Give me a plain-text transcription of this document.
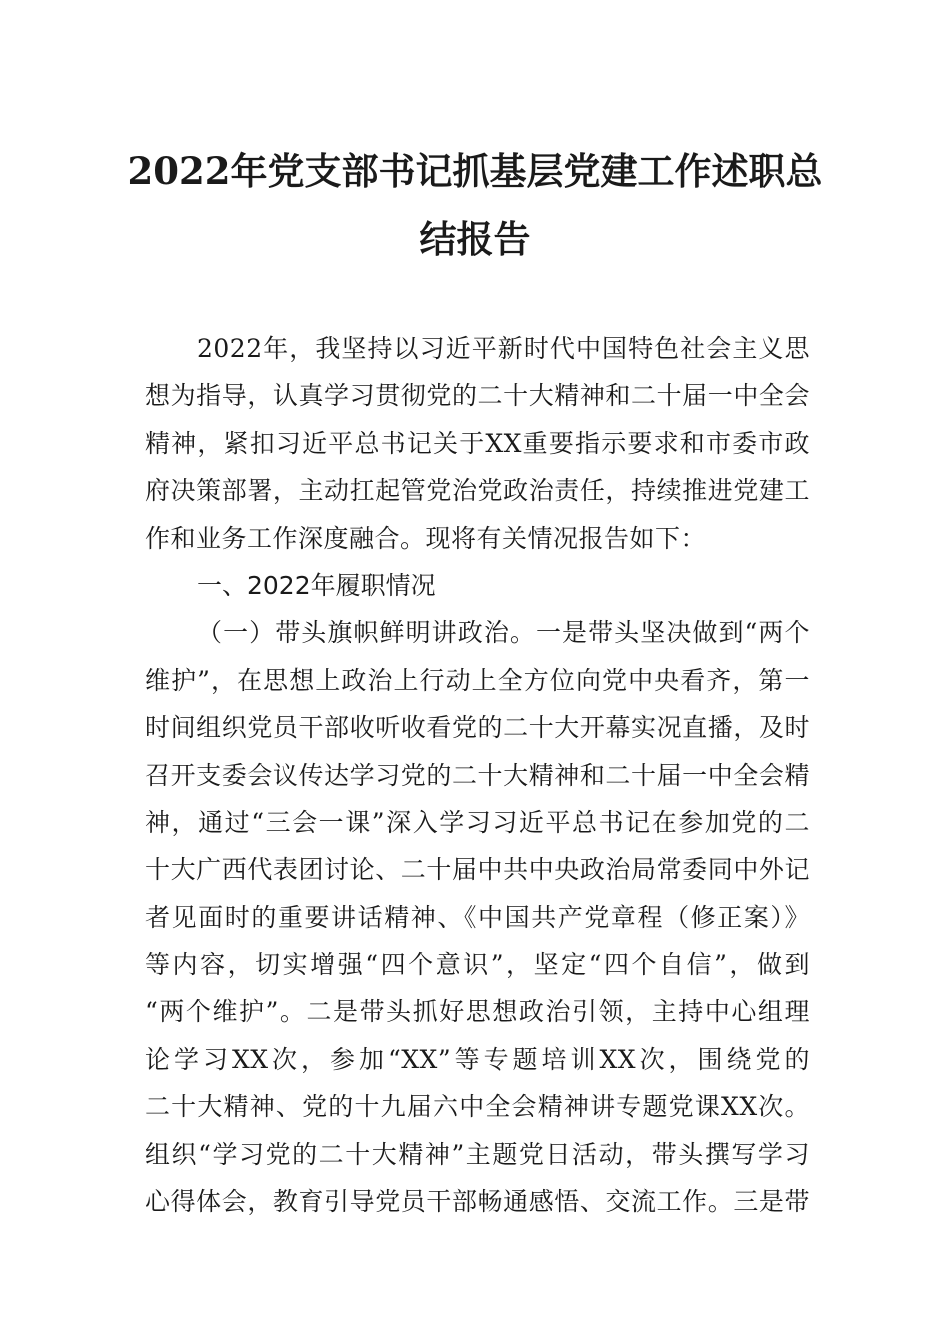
2022年党支部书记抓基层党建工作述职总
结报告
2022年，我坚持以习近平新时代中国特色社会主义思
想为指导，认真学习贯彻党的二十大精神和二十届一中全会
精神，紧扣习近平总书记关于XX重要指示要求和市委市政
府决策部署，主动扛起管党治党政治责任，持续推进党建工
作和业务工作深度融合。现将有关情况报告如下：
一、2022年履职情况
（一）带头旗帜鲜明讲政治。一是带头坚决做到“两个
维护”，在思想上政治上行动上全方位向党中央看齐，第一
时间组织党员干部收听收看党的二十大开幕实况直播，及时
召开支委会议传达学习党的二十大精神和二十届一中全会精
神，通过“三会一课”深入学习习近平总书记在参加党的二
十大广西代表团讨论、二十届中共中央政治局常委同中外记
者见面时的重要讲话精神、《中国共产党章程（修正案）》
等内容，切实增强“四个意识”，坚定“四个自信”，做到
“两个维护”。二是带头抓好思想政治引领，主持中心组理
论学习XX次，参加“XX”等专题培训XX次，围绕党的
二十大精神、党的十九届六中全会精神讲专题党课XX次。
组织“学习党的二十大精神”主题党日活动，带头撰写学习
心得体会，教育引导党员干部畅通感悟、交流工作。三是带
